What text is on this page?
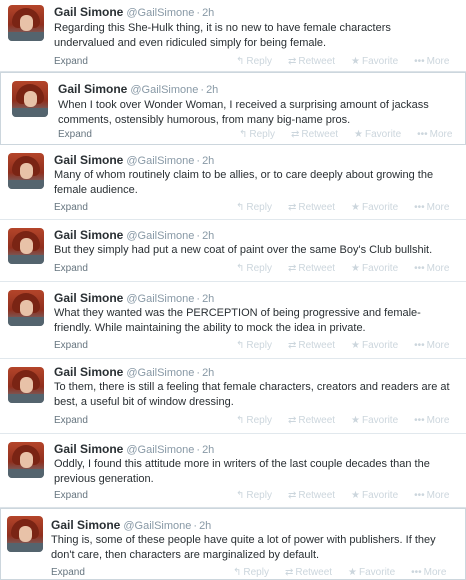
Gail Simone @GailSimone · 2h
Regarding this She-Hulk thing, it is no new to have female characters undervalued and even ridiculed simply for being female.
Expand	↰ Reply ⇄ Retweet ★ Favorite ••• More
Gail Simone @GailSimone · 2h
When I took over Wonder Woman, I received a surprising amount of jackass comments, ostensibly humorous, from many big-name pros.
Expand	↰ Reply ⇄ Retweet ★ Favorite ••• More
Gail Simone @GailSimone · 2h
Many of whom routinely claim to be allies, or to care deeply about growing the female audience.
Expand	↰ Reply ⇄ Retweet ★ Favorite ••• More
Gail Simone @GailSimone · 2h
But they simply had put a new coat of paint over the same Boy's Club bullshit.
Expand	↰ Reply ⇄ Retweet ★ Favorite ••• More
Gail Simone @GailSimone · 2h
What they wanted was the PERCEPTION of being progressive and female-friendly. While maintaining the ability to mock the idea in private.
Expand	↰ Reply ⇄ Retweet ★ Favorite ••• More
Gail Simone @GailSimone · 2h
To them, there is still a feeling that female characters, creators and readers are at best, a useful bit of window dressing.
Expand	↰ Reply ⇄ Retweet ★ Favorite ••• More
Gail Simone @GailSimone · 2h
Oddly, I found this attitude more in writers of the last couple decades than the previous generation.
Expand	↰ Reply ⇄ Retweet ★ Favorite ••• More
Gail Simone @GailSimone · 2h
Thing is, some of these people have quite a lot of power with publishers. If they don't care, then characters are marginalized by default.
Expand	↰ Reply ⇄ Retweet ★ Favorite ••• More
